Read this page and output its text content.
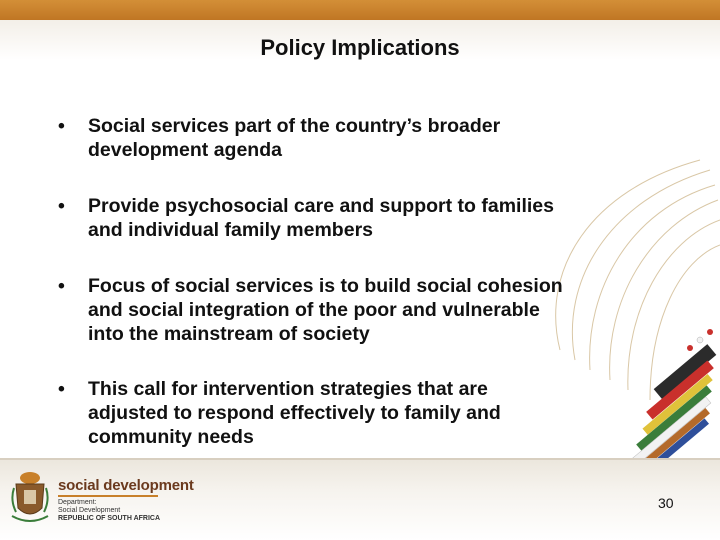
Policy Implications
• Social services part of the country’s broader
development agenda
• Provide psychosocial care and support to families
and individual family members
• Focus of social services is to build social cohesion
and social integration of the poor and vulnerable
into the mainstream of society
• This call for intervention strategies that are
adjusted to respond effectively to family and
community needs
social development
Department:
Social Development
REPUBLIC OF SOUTH AFRICA
30
